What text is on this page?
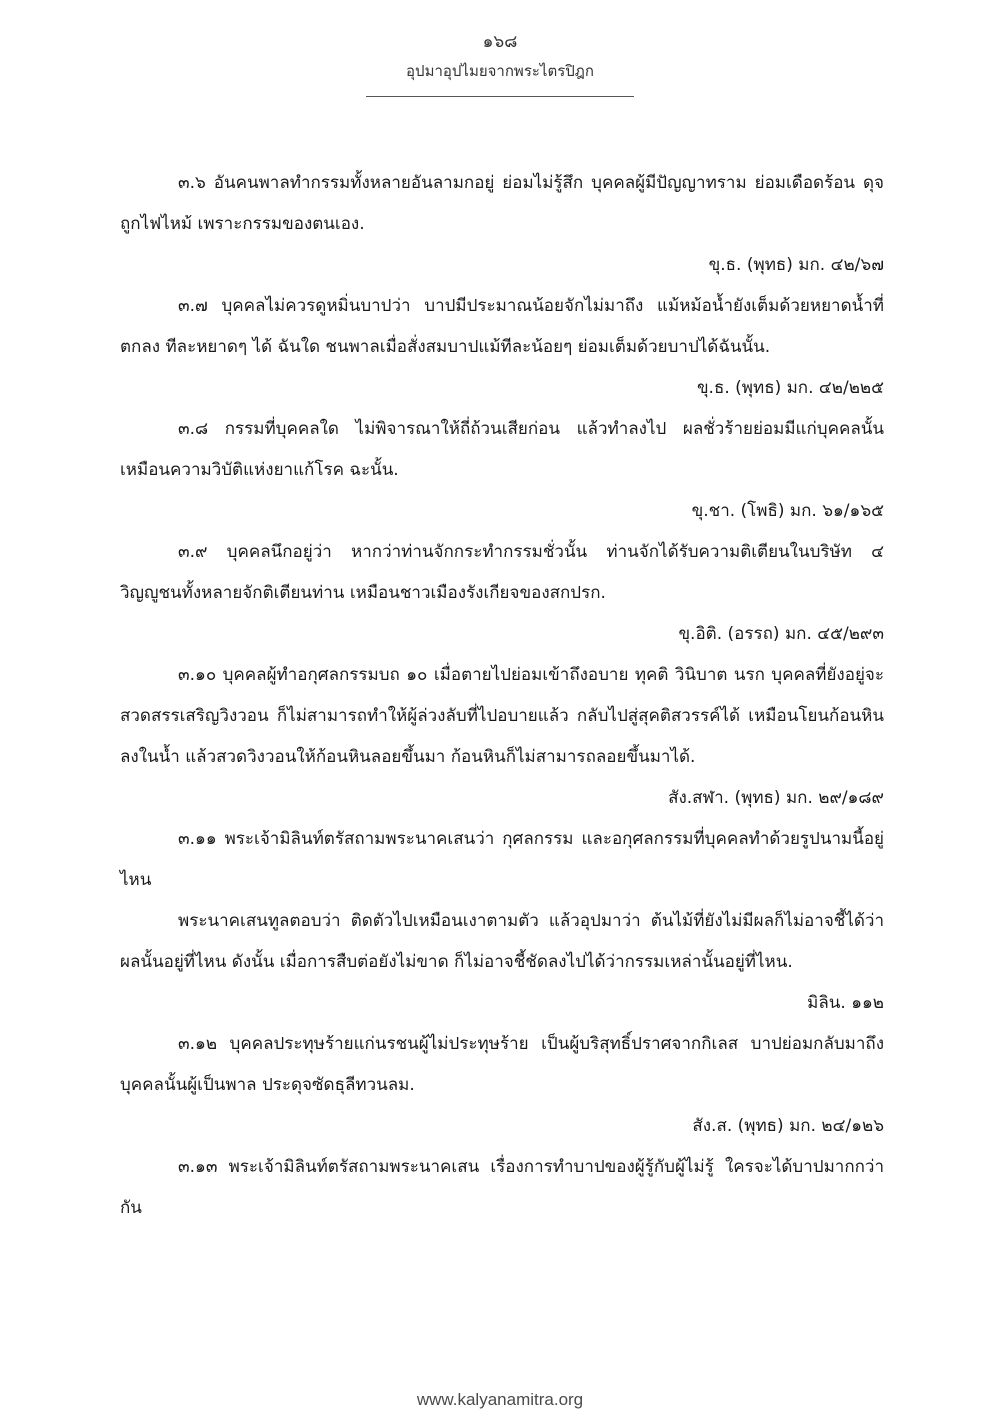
๑๖๘
อุปมาอุปไมยจากพระไตรปิฎก

๓.๖ อันคนพาลทำกรรมทั้งหลายอันลามกอยู่ ย่อมไม่รู้สึก บุคคลผู้มีปัญญาทราม ย่อมเดือดร้อน ดุจถูกไฟไหม้ เพราะกรรมของตนเอง.

ขุ.ธ. (พุทธ) มก. ๔๒/๖๗

๓.๗ บุคคลไม่ควรดูหมิ่นบาปว่า บาปมีประมาณน้อยจักไม่มาถึง แม้หม้อน้ำยังเต็มด้วยหยาดน้ำที่ตกลง ทีละหยาดๆ ได้ ฉันใด ชนพาลเมื่อสั่งสมบาปแม้ทีละน้อยๆ ย่อมเต็มด้วยบาปได้ฉันนั้น.

ขุ.ธ. (พุทธ) มก. ๔๒/๒๒๕

๓.๘ กรรมที่บุคคลใด ไม่พิจารณาให้ถี่ถ้วนเสียก่อน แล้วทำลงไป ผลชั่วร้ายย่อมมีแก่บุคคลนั้น เหมือนความวิบัติแห่งยาแก้โรค ฉะนั้น.

ขุ.ชา. (โพธิ) มก. ๖๑/๑๖๕

๓.๙ บุคคลนึกอยู่ว่า หากว่าท่านจักกระทำกรรมชั่วนั้น ท่านจักได้รับความติเตียนในบริษัท ๔ วิญญูชนทั้งหลายจักติเตียนท่าน เหมือนชาวเมืองรังเกียจของสกปรก.

ขุ.อิติ. (อรรถ) มก. ๔๕/๒๙๓

๓.๑๐ บุคคลผู้ทำอกุศลกรรมบถ ๑๐ เมื่อตายไปย่อมเข้าถึงอบาย ทุคติ วินิบาต นรก บุคคลที่ยังอยู่จะสวดสรรเสริญวิงวอน ก็ไม่สามารถทำให้ผู้ล่วงลับที่ไปอบายแล้ว กลับไปสู่สุคติสวรรค์ได้ เหมือนโยนก้อนหินลงในน้ำ แล้วสวดวิงวอนให้ก้อนหินลอยขึ้นมา ก้อนหินก็ไม่สามารถลอยขึ้นมาได้.

สัง.สฬา. (พุทธ) มก. ๒๙/๑๘๙

๓.๑๑ พระเจ้ามิลินท์ตรัสถามพระนาคเสนว่า กุศลกรรม และอกุศลกรรมที่บุคคลทำด้วยรูปนามนี้อยู่ไหน

พระนาคเสนทูลตอบว่า ติดตัวไปเหมือนเงาตามตัว แล้วอุปมาว่า ต้นไม้ที่ยังไม่มีผลก็ไม่อาจชี้ได้ว่าผลนั้นอยู่ที่ไหน ดังนั้น เมื่อการสืบต่อยังไม่ขาด ก็ไม่อาจชี้ชัดลงไปได้ว่ากรรมเหล่านั้นอยู่ที่ไหน.

มิลิน. ๑๑๒

๓.๑๒ บุคคลประทุษร้ายแก่นรชนผู้ไม่ประทุษร้าย เป็นผู้บริสุทธิ์ปราศจากกิเลส บาปย่อมกลับมาถึงบุคคลนั้นผู้เป็นพาล ประดุจซัดธุลีทวนลม.

สัง.ส. (พุทธ) มก. ๒๔/๑๒๖

๓.๑๓ พระเจ้ามิลินท์ตรัสถามพระนาคเสน เรื่องการทำบาปของผู้รู้กับผู้ไม่รู้ ใครจะได้บาปมากกว่ากัน

www.kalyanamitra.org
